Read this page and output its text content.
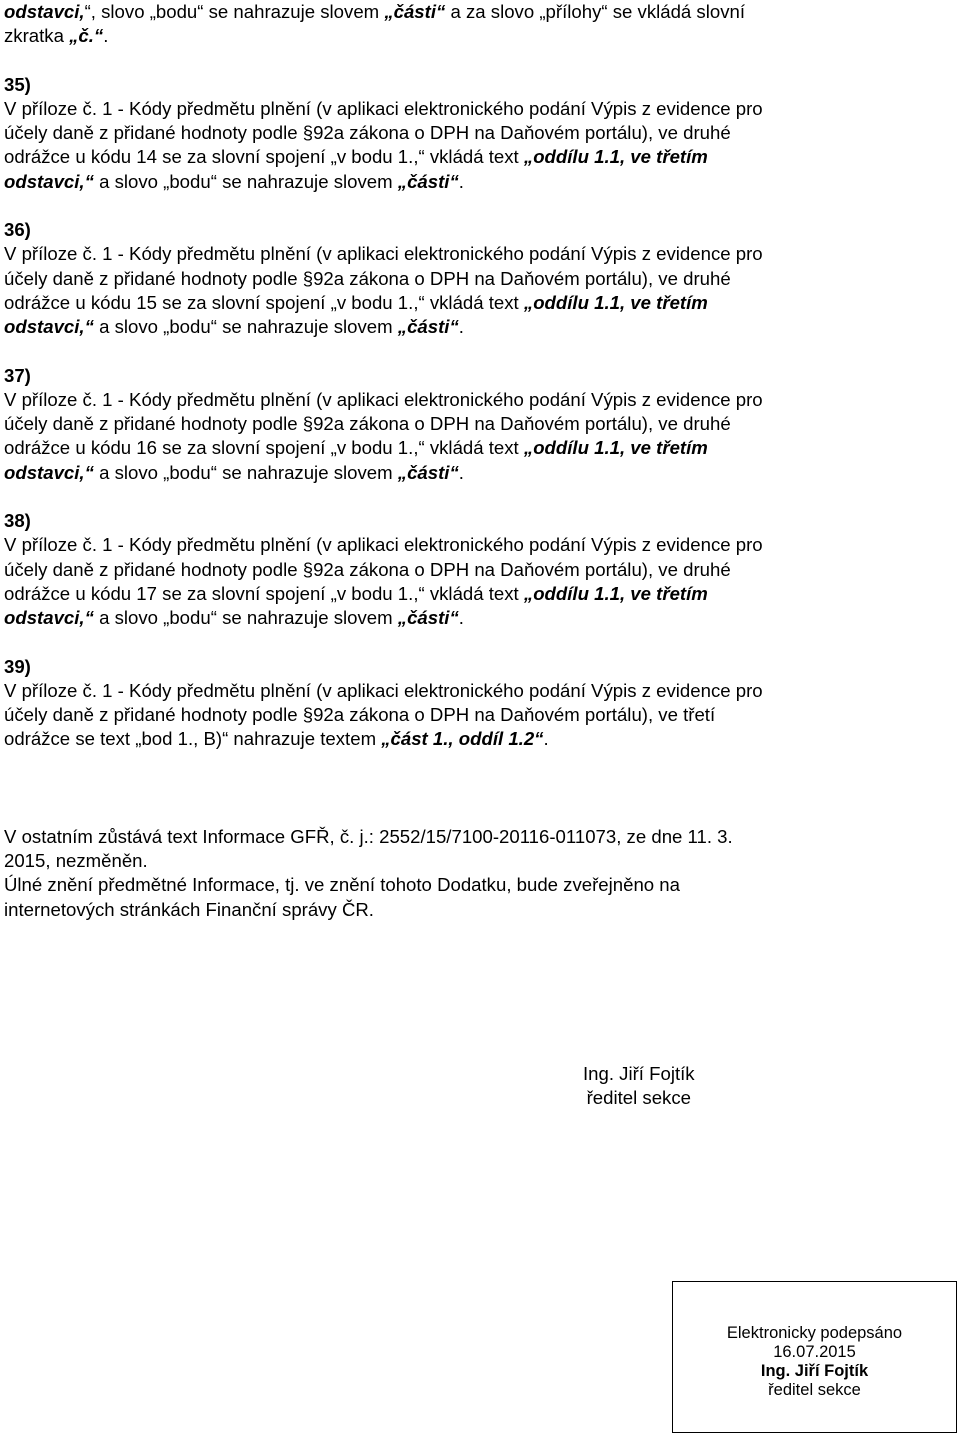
odstavci,“, slovo „bodu“ se nahrazuje slovem „části“ a za slovo „přílohy“ se vkládá slovní
zkratka „č.“.

35)

V příloze č. 1 - Kódy předmětu plnění (v aplikaci elektronického podání Výpis z evidence pro
účely daně z přidané hodnoty podle §92a zákona o DPH na Daňovém portálu), ve druhé
odrážce u kódu 14 se za slovní spojení „v bodu 1.,“ vkládá text „oddílu 1.1, ve třetím
odstavci,“ a slovo „bodu“ se nahrazuje slovem „části“.

36)

V příloze č. 1 - Kódy předmětu plnění (v aplikaci elektronického podání Výpis z evidence pro
účely daně z přidané hodnoty podle §92a zákona o DPH na Daňovém portálu), ve druhé
odrážce u kódu 15 se za slovní spojení „v bodu 1.,“ vkládá text „oddílu 1.1, ve třetím
odstavci,“ a slovo „bodu“ se nahrazuje slovem „části“.

37)

V příloze č. 1 - Kódy předmětu plnění (v aplikaci elektronického podání Výpis z evidence pro
účely daně z přidané hodnoty podle §92a zákona o DPH na Daňovém portálu), ve druhé
odrážce u kódu 16 se za slovní spojení „v bodu 1.,“ vkládá text „oddílu 1.1, ve třetím
odstavci,“ a slovo „bodu“ se nahrazuje slovem „části“.

38)

V příloze č. 1 - Kódy předmětu plnění (v aplikaci elektronického podání Výpis z evidence pro
účely daně z přidané hodnoty podle §92a zákona o DPH na Daňovém portálu), ve druhé
odrážce u kódu 17 se za slovní spojení „v bodu 1.,“ vkládá text „oddílu 1.1, ve třetím
odstavci,“ a slovo „bodu“ se nahrazuje slovem „části“.

39)

V příloze č. 1 - Kódy předmětu plnění (v aplikaci elektronického podání Výpis z evidence pro
účely daně z přidané hodnoty podle §92a zákona o DPH na Daňovém portálu), ve třetí
odrážce se text „bod 1., B)“ nahrazuje textem „část 1., oddíl 1.2“.

V ostatním zůstává text Informace GFŘ, č. j.: 2552/15/7100-20116-011073, ze dne 11. 3.
2015, nezměněn.

Úlné znění předmětné Informace, tj. ve znění tohoto Dodatku, bude zveřejněno na
internetových stránkách Finanční správy ČR.

Ing. Jiří Fojtík
ředitel sekce
Elektronicky podepsáno
16.07.2015
Ing. Jiří Fojtík
ředitel sekce
